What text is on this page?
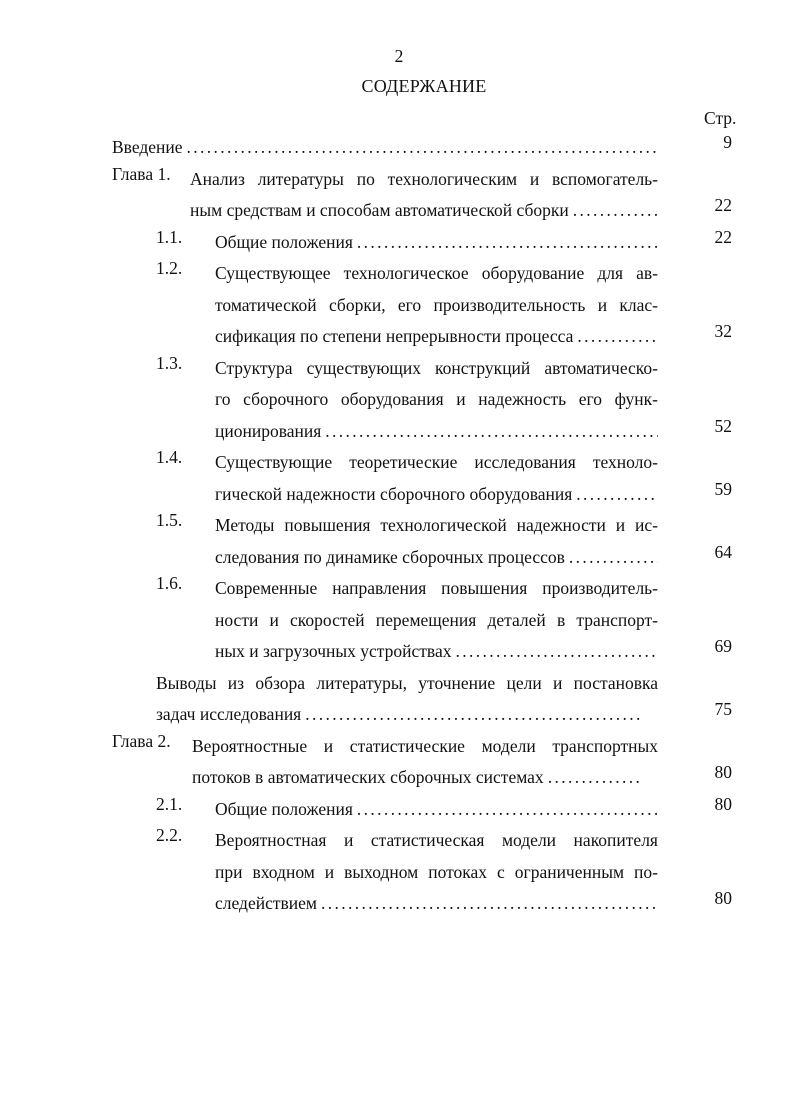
2
СОДЕРЖАНИЕ
Стр.
Введение . . .	9
Глава 1. Анализ литературы по технологическим и вспомогатель-
ным средствам и способам автоматической сборки . . .	22
1.1. Общие положения . . .	22
1.2. Существующее технологическое оборудование для ав-
томатической сборки, его производительность и клас-
сификация по степени непрерывности процесса . . .	32
1.3. Структура существующих конструкций автоматическо-
го сборочного оборудования и надежность его функ-
ционирования . . .	52
1.4. Существующие теоретические исследования техноло-
гической надежности сборочного оборудования . . .	59
1.5. Методы повышения технологической надежности и ис-
следования по динамике сборочных процессов . . .	64
1.6. Современные направления повышения производитель-
ности и скоростей перемещения деталей в транспорт-
ных и загрузочных устройствах . . .	69
Выводы из обзора литературы, уточнение цели и постановка
задач исследования . . .	75
Глава 2. Вероятностные и статистические модели транспортных
потоков в автоматических сборочных системах . . .	80
2.1. Общие положения . . .	80
2.2. Вероятностная и статистическая модели накопителя
при входном и выходном потоках с ограниченным по-
следействием . . .	80
